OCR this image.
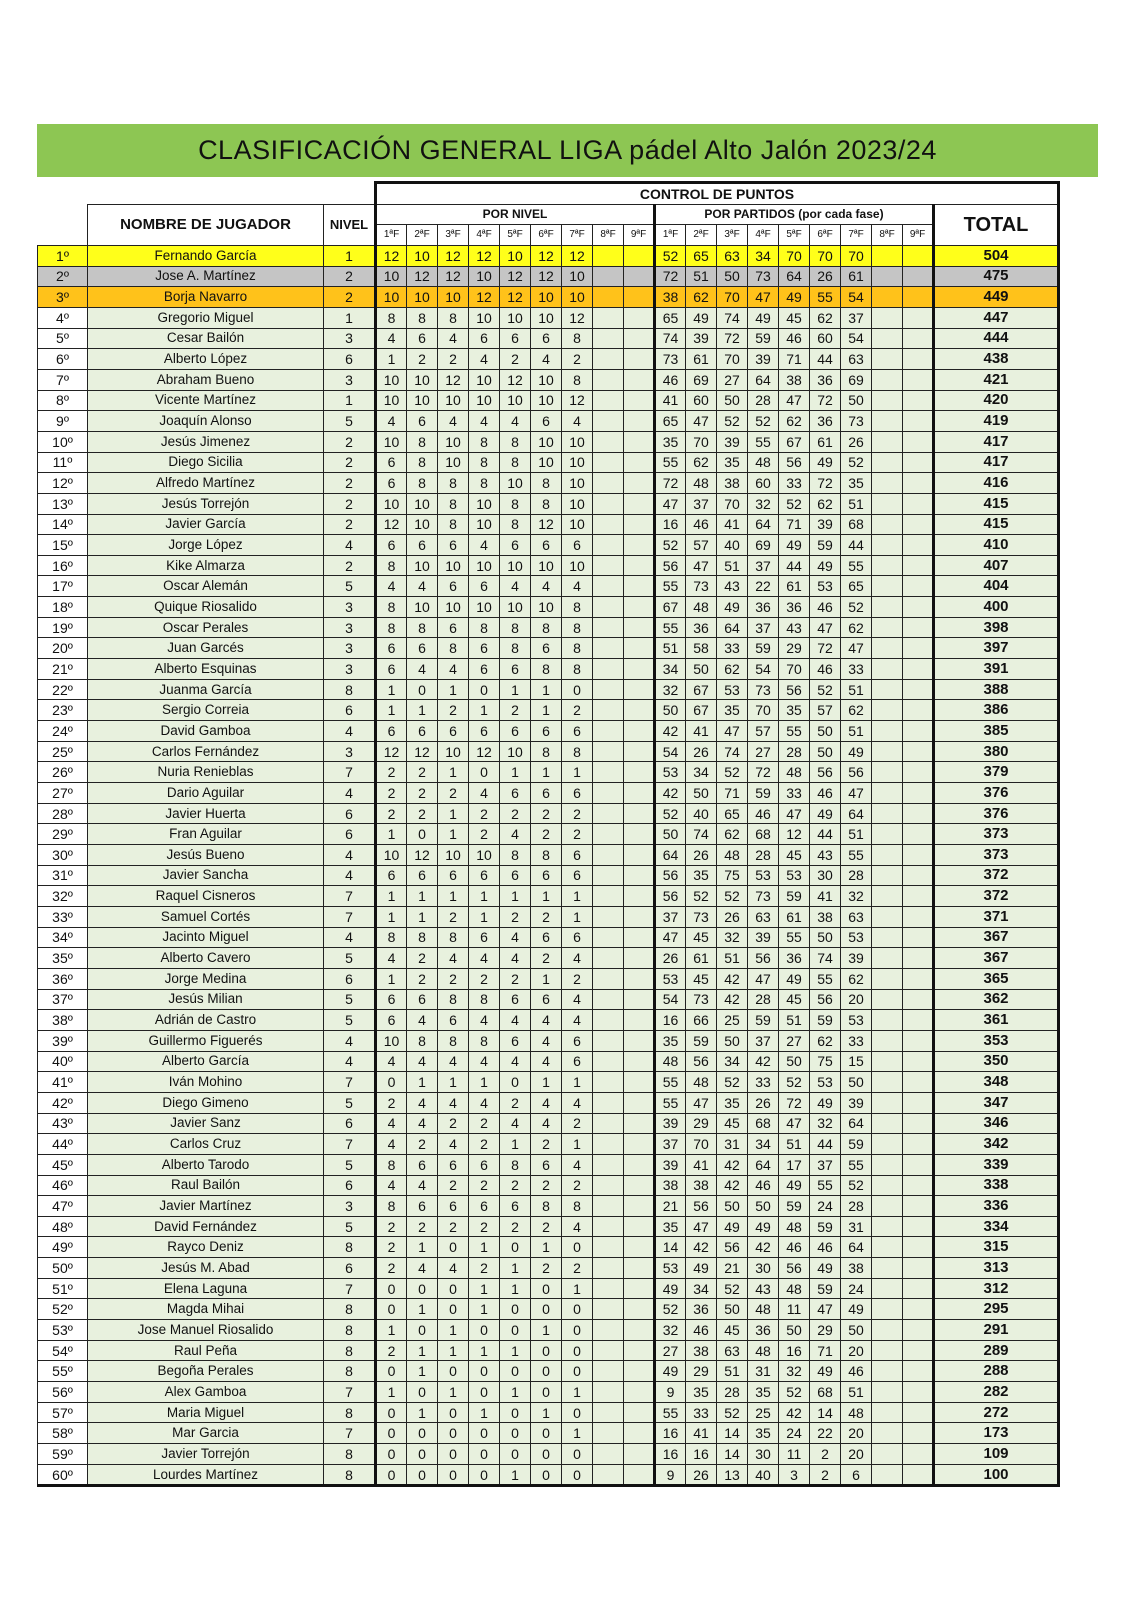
CLASIFICACIÓN GENERAL LIGA pádel Alto Jalón 2023/24
			CONTROL DE PUNTOS																		
	NOMBRE DE JUGADOR	NIVEL	POR NIVEL									POR PARTIDOS (por cada fase)									TOTAL
			1ªF	2ªF	3ªF	4ªF	5ªF	6ªF	7ªF	8ªF	9ªF	1ªF	2ªF	3ªF	4ªF	5ªF	6ªF	7ªF	8ªF	9ªF	
1º	Fernando García	1	12	10	12	12	10	12	12			52	65	63	34	70	70	70			504
2º	Jose A. Martínez	2	10	12	12	10	12	12	10			72	51	50	73	64	26	61			475
3º	Borja Navarro	2	10	10	10	12	12	10	10			38	62	70	47	49	55	54			449
4º	Gregorio Miguel	1	8	8	8	10	10	10	12			65	49	74	49	45	62	37			447
5º	Cesar Bailón	3	4	6	4	6	6	6	8			74	39	72	59	46	60	54			444
6º	Alberto López	6	1	2	2	4	2	4	2			73	61	70	39	71	44	63			438
7º	Abraham Bueno	3	10	10	12	10	12	10	8			46	69	27	64	38	36	69			421
8º	Vicente Martínez	1	10	10	10	10	10	10	12			41	60	50	28	47	72	50			420
9º	Joaquín Alonso	5	4	6	4	4	4	6	4			65	47	52	52	62	36	73			419
10º	Jesús Jimenez	2	10	8	10	8	8	10	10			35	70	39	55	67	61	26			417
11º	Diego Sicilia	2	6	8	10	8	8	10	10			55	62	35	48	56	49	52			417
12º	Alfredo Martínez	2	6	8	8	8	10	8	10			72	48	38	60	33	72	35			416
13º	Jesús Torrejón	2	10	10	8	10	8	8	10			47	37	70	32	52	62	51			415
14º	Javier García	2	12	10	8	10	8	12	10			16	46	41	64	71	39	68			415
15º	Jorge López	4	6	6	6	4	6	6	6			52	57	40	69	49	59	44			410
16º	Kike Almarza	2	8	10	10	10	10	10	10			56	47	51	37	44	49	55			407
17º	Oscar Alemán	5	4	4	6	6	4	4	4			55	73	43	22	61	53	65			404
18º	Quique Riosalido	3	8	10	10	10	10	10	8			67	48	49	36	36	46	52			400
19º	Oscar Perales	3	8	8	6	8	8	8	8			55	36	64	37	43	47	62			398
20º	Juan Garcés	3	6	6	8	6	8	6	8			51	58	33	59	29	72	47			397
21º	Alberto Esquinas	3	6	4	4	6	6	8	8			34	50	62	54	70	46	33			391
22º	Juanma García	8	1	0	1	0	1	1	0			32	67	53	73	56	52	51			388
23º	Sergio Correia	6	1	1	2	1	2	1	2			50	67	35	70	35	57	62			386
24º	David Gamboa	4	6	6	6	6	6	6	6			42	41	47	57	55	50	51			385
25º	Carlos Fernández	3	12	12	10	12	10	8	8			54	26	74	27	28	50	49			380
26º	Nuria Renieblas	7	2	2	1	0	1	1	1			53	34	52	72	48	56	56			379
27º	Dario Aguilar	4	2	2	2	4	6	6	6			42	50	71	59	33	46	47			376
28º	Javier Huerta	6	2	2	1	2	2	2	2			52	40	65	46	47	49	64			376
29º	Fran Aguilar	6	1	0	1	2	4	2	2			50	74	62	68	12	44	51			373
30º	Jesús Bueno	4	10	12	10	10	8	8	6			64	26	48	28	45	43	55			373
31º	Javier Sancha	4	6	6	6	6	6	6	6			56	35	75	53	53	30	28			372
32º	Raquel Cisneros	7	1	1	1	1	1	1	1			56	52	52	73	59	41	32			372
33º	Samuel Cortés	7	1	1	2	1	2	2	1			37	73	26	63	61	38	63			371
34º	Jacinto Miguel	4	8	8	8	6	4	6	6			47	45	32	39	55	50	53			367
35º	Alberto Cavero	5	4	2	4	4	4	2	4			26	61	51	56	36	74	39			367
36º	Jorge Medina	6	1	2	2	2	2	1	2			53	45	42	47	49	55	62			365
37º	Jesús Milian	5	6	6	8	8	6	6	4			54	73	42	28	45	56	20			362
38º	Adrián de Castro	5	6	4	6	4	4	4	4			16	66	25	59	51	59	53			361
39º	Guillermo Figuerés	4	10	8	8	8	6	4	6			35	59	50	37	27	62	33			353
40º	Alberto García	4	4	4	4	4	4	4	6			48	56	34	42	50	75	15			350
41º	Iván Mohino	7	0	1	1	1	0	1	1			55	48	52	33	52	53	50			348
42º	Diego Gimeno	5	2	4	4	4	2	4	4			55	47	35	26	72	49	39			347
43º	Javier Sanz	6	4	4	2	2	4	4	2			39	29	45	68	47	32	64			346
44º	Carlos Cruz	7	4	2	4	2	1	2	1			37	70	31	34	51	44	59			342
45º	Alberto Tarodo	5	8	6	6	6	8	6	4			39	41	42	64	17	37	55			339
46º	Raul Bailón	6	4	4	2	2	2	2	2			38	38	42	46	49	55	52			338
47º	Javier Martínez	3	8	6	6	6	6	8	8			21	56	50	50	59	24	28			336
48º	David Fernández	5	2	2	2	2	2	2	4			35	47	49	49	48	59	31			334
49º	Rayco Deniz	8	2	1	0	1	0	1	0			14	42	56	42	46	46	64			315
50º	Jesús M. Abad	6	2	4	4	2	1	2	2			53	49	21	30	56	49	38			313
51º	Elena Laguna	7	0	0	0	1	1	0	1			49	34	52	43	48	59	24			312
52º	Magda Mihai	8	0	1	0	1	0	0	0			52	36	50	48	11	47	49			295
53º	Jose Manuel Riosalido	8	1	0	1	0	0	1	0			32	46	45	36	50	29	50			291
54º	Raul Peña	8	2	1	1	1	1	0	0			27	38	63	48	16	71	20			289
55º	Begoña Perales	8	0	1	0	0	0	0	0			49	29	51	31	32	49	46			288
56º	Alex Gamboa	7	1	0	1	0	1	0	1			9	35	28	35	52	68	51			282
57º	Maria Miguel	8	0	1	0	1	0	1	0			55	33	52	25	42	14	48			272
58º	Mar Garcia	7	0	0	0	0	0	0	1			16	41	14	35	24	22	20			173
59º	Javier Torrejón	8	0	0	0	0	0	0	0			16	16	14	30	11	2	20			109
60º	Lourdes Martínez	8	0	0	0	0	1	0	0			9	26	13	40	3	2	6			100
